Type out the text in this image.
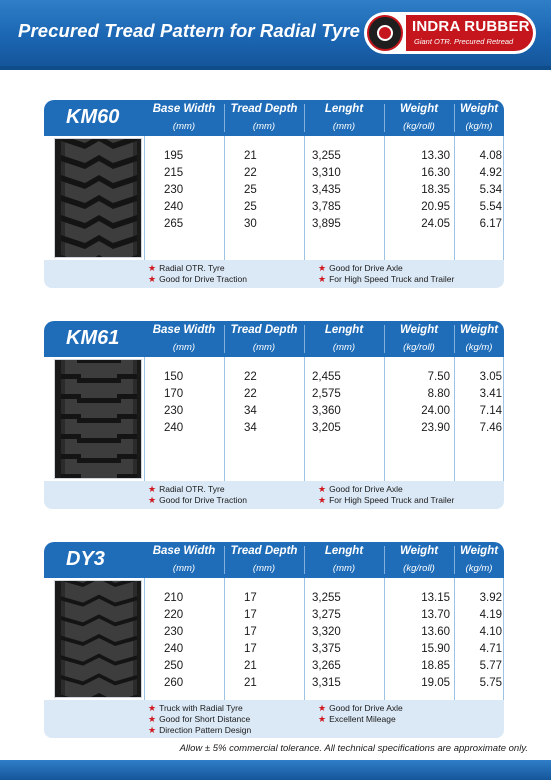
Precured Tread Pattern for Radial Tyre	INDRA RUBBER
Giant OTR. Precured Retread
KM60	Base Width
(mm)
Tread Depth
(mm)
Lenght
(mm)
Weight
(kg/roll)
Weight
(kg/m)
195	21	3,255	13.30	4.08
215	22	3,310	16.30	4.92
230	25	3,435	18.35	5.34
240	25	3,785	20.95	5.54
265	30	3,895	24.05	6.17
★ Radial OTR. Tyre	★ Good for Drive Axle
★ Good for Drive Traction	★ For High Speed Truck and Trailer
KM61	Base Width
(mm)
Tread Depth
(mm)
Lenght
(mm)
Weight
(kg/roll)
Weight
(kg/m)
150	22	2,455	7.50	3.05
170	22	2,575	8.80	3.41
230	34	3,360	24.00	7.14
240	34	3,205	23.90	7.46
★ Radial OTR. Tyre	★ Good for Drive Axle
★ Good for Drive Traction	★ For High Speed Truck and Trailer
DY3	Base Width
(mm)
Tread Depth
(mm)
Lenght
(mm)
Weight
(kg/roll)
Weight
(kg/m)
210	17	3,255	13.15	3.92
220	17	3,275	13.70	4.19
230	17	3,320	13.60	4.10
240	17	3,375	15.90	4.71
250	21	3,265	18.85	5.77
260	21	3,315	19.05	5.75
★ Truck with Radial Tyre	★ Good for Drive Axle
★ Good for Short Distance	★ Excellent Mileage
★ Direction Pattern Design
Allow ± 5% commercial tolerance. All technical specifications are approximate only.
